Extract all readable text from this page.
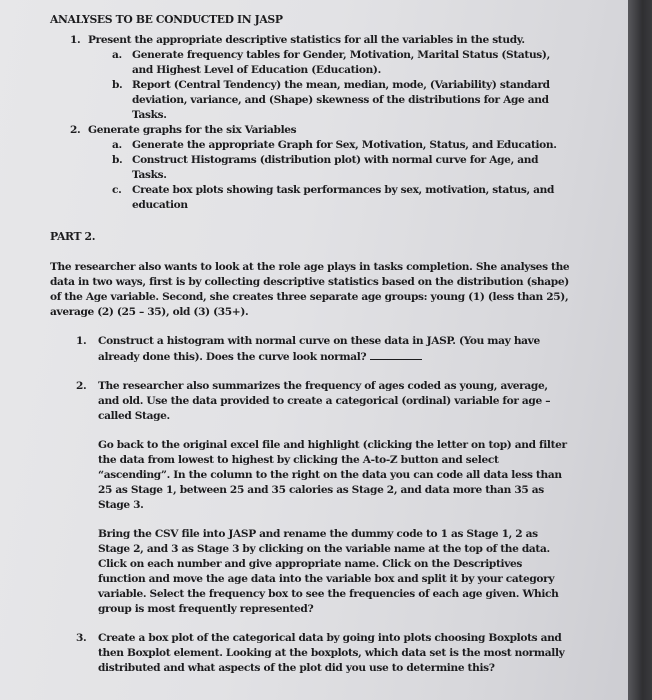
ANALYSES TO BE CONDUCTED IN JASP
1. Present the appropriate descriptive statistics for all the variables in the study.
a. Generate frequency tables for Gender, Motivation, Marital Status (Status), and Highest Level of Education (Education).
b. Report (Central Tendency) the mean, median, mode, (Variability) standard deviation, variance, and (Shape) skewness of the distributions for Age and Tasks.
2. Generate graphs for the six Variables
a. Generate the appropriate Graph for Sex, Motivation, Status, and Education.
b. Construct Histograms (distribution plot) with normal curve for Age, and Tasks.
c. Create box plots showing task performances by sex, motivation, status, and education
PART 2.

The researcher also wants to look at the role age plays in tasks completion. She analyses the data in two ways, first is by collecting descriptive statistics based on the distribution (shape) of the Age variable. Second, she creates three separate age groups: young (1) (less than 25), average (2) (25 – 35), old (3) (35+).

1. Construct a histogram with normal curve on these data in JASP. (You may have already done this). Does the curve look normal?

2. The researcher also summarizes the frequency of ages coded as young, average, and old. Use the data provided to create a categorical (ordinal) variable for age – called Stage.

Go back to the original excel file and highlight (clicking the letter on top) and filter the data from lowest to highest by clicking the A-to-Z button and select “ascending”. In the column to the right on the data you can code all data less than 25 as Stage 1, between 25 and 35 calories as Stage 2, and data more than 35 as Stage 3.

Bring the CSV file into JASP and rename the dummy code to 1 as Stage 1, 2 as Stage 2, and 3 as Stage 3 by clicking on the variable name at the top of the data. Click on each number and give appropriate name. Click on the Descriptives function and move the age data into the variable box and split it by your category variable. Select the frequency box to see the frequencies of each age given. Which group is most frequently represented?

3. Create a box plot of the categorical data by going into plots choosing Boxplots and then Boxplot element. Looking at the boxplots, which data set is the most normally distributed and what aspects of the plot did you use to determine this?
